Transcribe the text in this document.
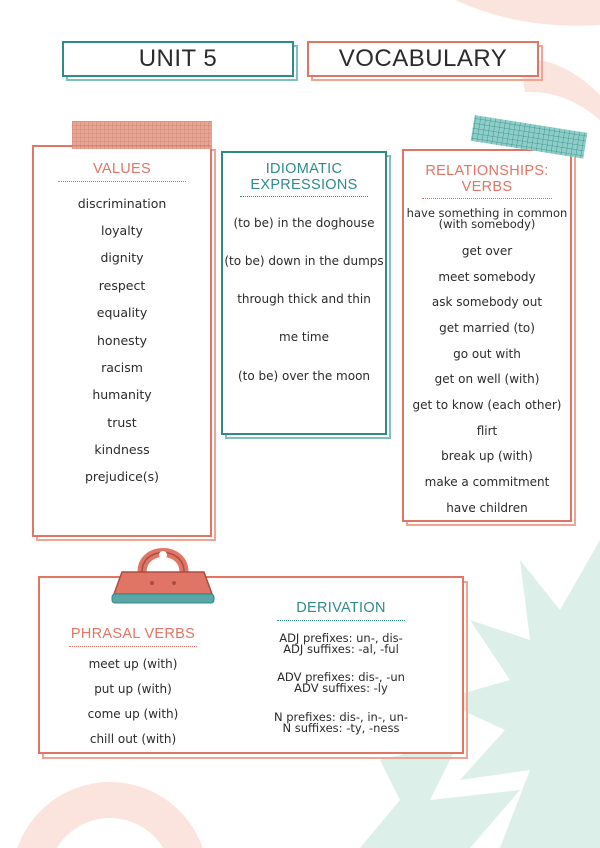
UNIT 5	VOCABULARY
VALUES
discrimination
loyalty
dignity
respect
equality
honesty
racism
humanity
trust
kindness
prejudice(s)
IDIOMATIC
EXPRESSIONS
(to be) in the doghouse
(to be) down in the dumps
through thick and thin
me time
(to be) over the moon
RELATIONSHIPS:
VERBS
have something in common
(with somebody)
get over
meet somebody
ask somebody out
get married (to)
go out with
get on well (with)
get to know (each other)
flirt
break up (with)
make a commitment
have children
PHRASAL VERBS
meet up (with)
put up (with)
come up (with)
chill out (with)
DERIVATION
ADJ prefixes: un-, dis-
ADJ suffixes: -al, -ful
ADV prefixes: dis-, -un
ADV suffixes: -ly
N prefixes: dis-, in-, un-
N suffixes: -ty, -ness
